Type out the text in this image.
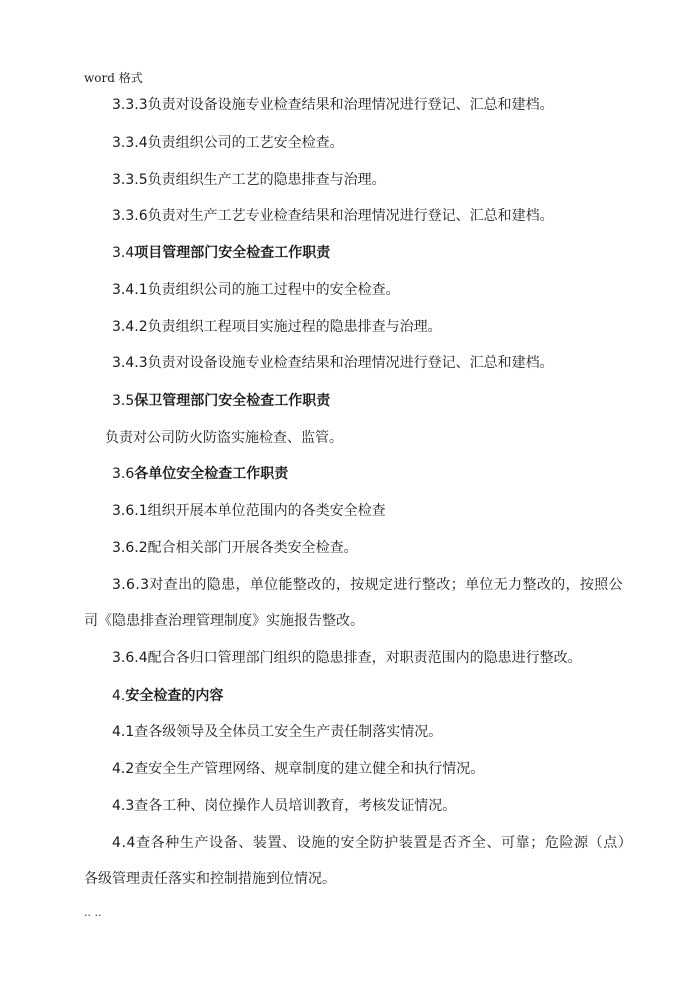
word 格式
3.3.3负责对设备设施专业检查结果和治理情况进行登记、汇总和建档。
3.3.4负责组织公司的工艺安全检查。
3.3.5负责组织生产工艺的隐患排查与治理。
3.3.6负责对生产工艺专业检查结果和治理情况进行登记、汇总和建档。
3.4项目管理部门安全检查工作职责
3.4.1负责组织公司的施工过程中的安全检查。
3.4.2负责组织工程项目实施过程的隐患排查与治理。
3.4.3负责对设备设施专业检查结果和治理情况进行登记、汇总和建档。
3.5保卫管理部门安全检查工作职责
负责对公司防火防盗实施检查、监管。
3.6各单位安全检查工作职责
3.6.1组织开展本单位范围内的各类安全检查
3.6.2配合相关部门开展各类安全检查。
3.6.3对查出的隐患，单位能整改的，按规定进行整改；单位无力整改的，按照公
司《隐患排查治理管理制度》实施报告整改。
3.6.4配合各归口管理部门组织的隐患排查，对职责范围内的隐患进行整改。
4.安全检查的内容
4.1查各级领导及全体员工安全生产责任制落实情况。
4.2查安全生产管理网络、规章制度的建立健全和执行情况。
4.3查各工种、岗位操作人员培训教育，考核发证情况。
4.4查各种生产设备、装置、设施的安全防护装置是否齐全、可靠；危险源（点）
各级管理责任落实和控制措施到位情况。
.. ..
